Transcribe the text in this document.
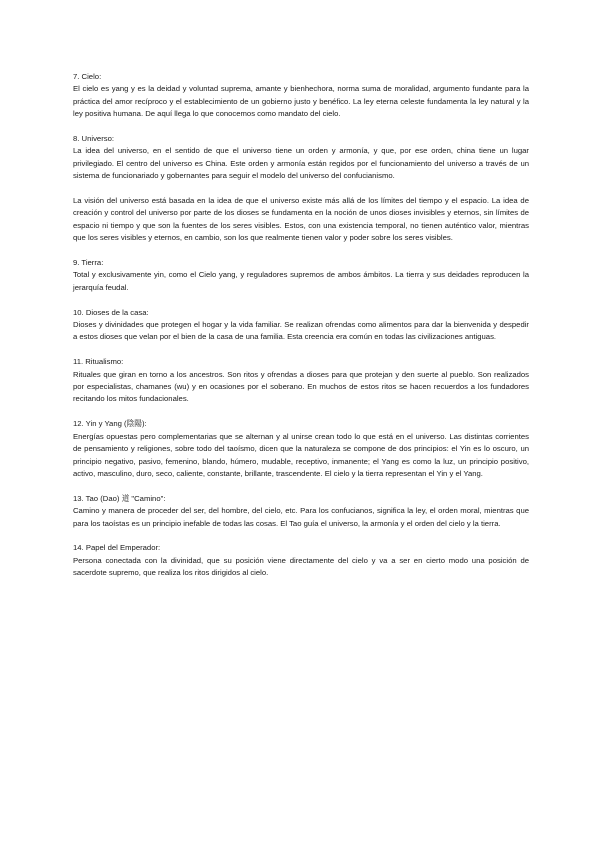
7. Cielo:

El cielo es yang y es la deidad y voluntad suprema, amante y bienhechora, norma suma de moralidad, argumento fundante para la práctica del amor recíproco y el establecimiento de un gobierno justo y benéfico. La ley eterna celeste fundamenta la ley natural y la ley positiva humana. De aquí llega lo que conocemos como mandato del cielo.

8. Universo:

La idea del universo, en el sentido de que el universo tiene un orden y armonía, y que, por ese orden, china tiene un lugar privilegiado. El centro del universo es China. Este orden y armonía están regidos por el funcionamiento del universo a través de un sistema de funcionariado y gobernantes para seguir el modelo del universo del confucianismo.

La visión del universo está basada en la idea de que el universo existe más allá de los límites del tiempo y el espacio. La idea de creación y control del universo por parte de los dioses se fundamenta en la noción de unos dioses invisibles y eternos, sin límites de espacio ni tiempo y que son la fuentes de los seres visibles. Estos, con una existencia temporal, no tienen auténtico valor, mientras que los seres visibles y eternos, en cambio, son los que realmente tienen valor y poder sobre los seres visibles.

9. Tierra:

Total y exclusivamente yin, como el Cielo yang, y reguladores supremos de ambos ámbitos. La tierra y sus deidades reproducen la jerarquía feudal.

10. Dioses de la casa:

Dioses y divinidades que protegen el hogar y la vida familiar. Se realizan ofrendas como alimentos para dar la bienvenida y despedir a estos dioses que velan por el bien de la casa de una familia. Esta creencia era común en todas las civilizaciones antiguas.

11. Ritualismo:

Rituales que giran en torno a los ancestros. Son ritos y ofrendas a dioses para que protejan y den suerte al pueblo. Son realizados por especialistas, chamanes (wu) y en ocasiones por el soberano. En muchos de estos ritos se hacen recuerdos a los fundadores recitando los mitos fundacionales.

12. Yin y Yang (陰陽):

Energías opuestas pero complementarias que se alternan y al unirse crean todo lo que está en el universo. Las distintas corrientes de pensamiento y religiones, sobre todo del taoísmo, dicen que la naturaleza se compone de dos principios: el Yin es lo oscuro, un principio negativo, pasivo, femenino, blando, húmero, mudable, receptivo, inmanente; el Yang es como la luz, un principio positivo, activo, masculino, duro, seco, caliente, constante, brillante, trascendente. El cielo y la tierra representan el Yin y el Yang.

13. Tao (Dao) 道 "Camino":

Camino y manera de proceder del ser, del hombre, del cielo, etc. Para los confucianos, significa la ley, el orden moral, mientras que para los taoístas es un principio inefable de todas las cosas. El Tao guía el universo, la armonía y el orden del cielo y la tierra.

14. Papel del Emperador:

Persona conectada con la divinidad, que su posición viene directamente del cielo y va a ser en cierto modo una posición de sacerdote supremo, que realiza los ritos dirigidos al cielo.
